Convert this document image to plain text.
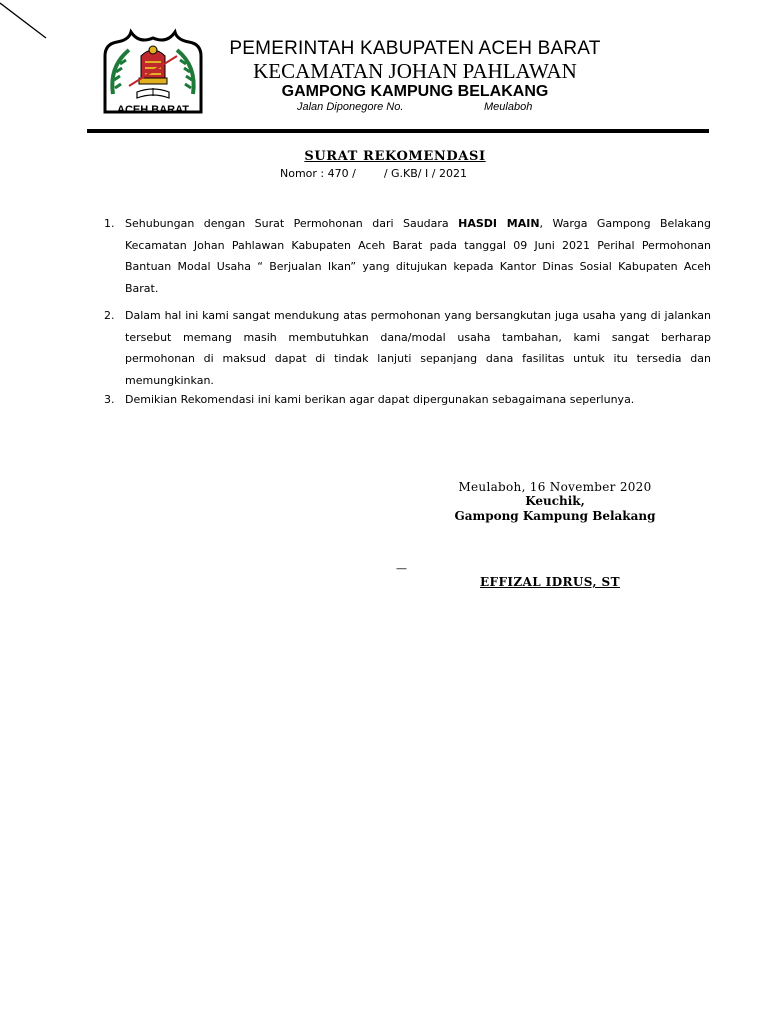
ACEH BARAT
PEMERINTAH KABUPATEN ACEH BARAT
KECAMATAN JOHAN PAHLAWAN
GAMPONG KAMPUNG BELAKANG
Jalan Diponegore No.	Meulaboh
SURAT REKOMENDASI
Nomor : 470 /	/ G.KB/ I / 2021
1. Sehubungan dengan Surat Permohonan dari Saudara HASDI MAIN, Warga Gampong Belakang Kecamatan Johan Pahlawan Kabupaten Aceh Barat pada tanggal 09 Juni 2021 Perihal Permohonan Bantuan Modal Usaha “ Berjualan Ikan” yang ditujukan kepada Kantor Dinas Sosial Kabupaten Aceh Barat.
2. Dalam hal ini kami sangat mendukung atas permohonan yang bersangkutan juga usaha yang di jalankan tersebut memang masih membutuhkan dana/modal usaha tambahan, kami sangat berharap permohonan di maksud dapat di tindak lanjuti sepanjang dana fasilitas untuk itu tersedia dan memungkinkan.
3. Demikian Rekomendasi ini kami berikan agar dapat dipergunakan sebagaimana seperlunya.
Meulaboh, 16 November 2020
Keuchik,
Gampong Kampung Belakang
—
EFFIZAL IDRUS, ST
